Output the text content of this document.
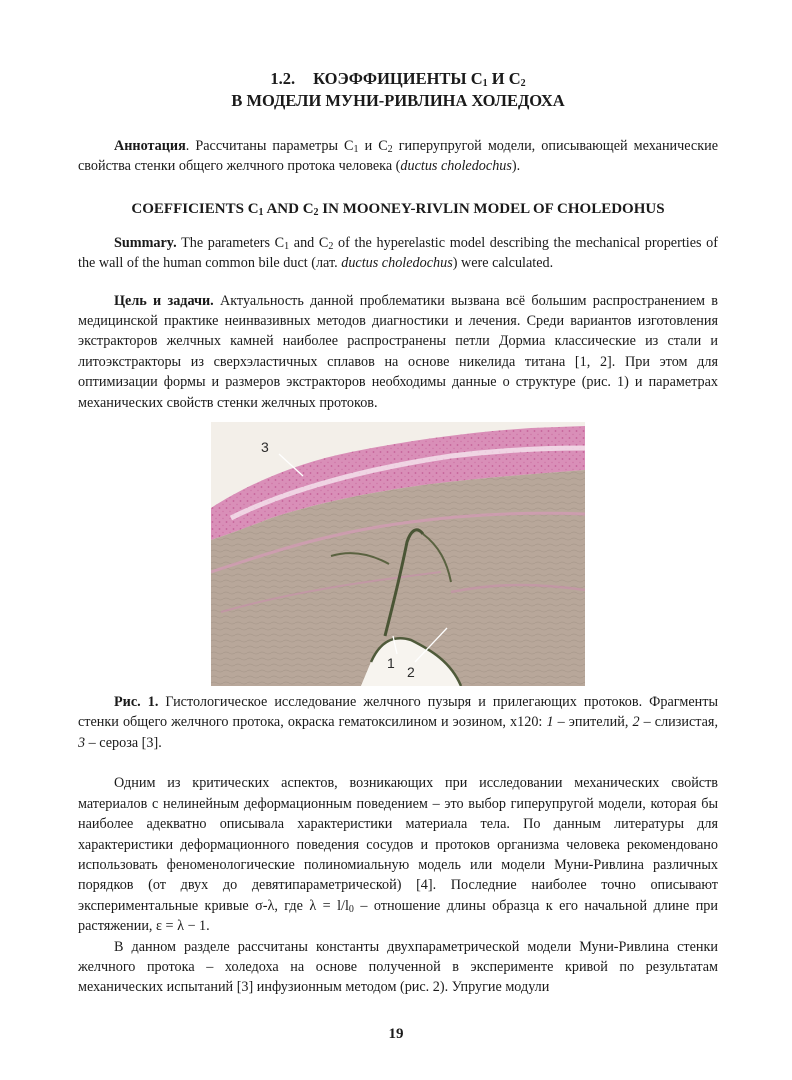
1.2. КОЭФФИЦИЕНТЫ $С_1$ И $С_2$
В МОДЕЛИ МУНИ-РИВЛИНА ХОЛЕДОХА

Аннотация. Рассчитаны параметры $С_1$ и $С_2$ гиперупругой модели, описывающей механические свойства стенки общего желчного протока человека (ductus choledochus).

COEFFICIENTS $C_1$ AND $C_2$ IN MOONEY-RIVLIN MODEL OF CHOLEDOHUS

Summary. The parameters $C_1$ and $C_2$ of the hyperelastic model describing the mechanical properties of the wall of the human common bile duct (лат. ductus choledochus) were calculated.

Цель и задачи. Актуальность данной проблематики вызвана всё большим распространением в медицинской практике неинвазивных методов диагностики и лечения. Среди вариантов изготовления экстракторов желчных камней наиболее распространены петли Дормиа классические из стали и литоэкстракторы из сверхэластичных сплавов на основе никелида титана [1, 2]. При этом для оптимизации формы и размеров экстракторов необходимы данные о структуре (рис. 1) и параметрах механических свойств стенки желчных протоков.

3
1
2

Рис. 1. Гистологическое исследование желчного пузыря и прилегающих протоков. Фрагменты стенки общего желчного протока, окраска гематоксилином и эозином, х120: 1 – эпителий, 2 – слизистая, 3 – сероза [3].

Одним из критических аспектов, возникающих при исследовании механических свойств материалов с нелинейным деформационным поведением – это выбор гиперупругой модели, которая бы наиболее адекватно описывала характеристики материала тела. По данным литературы для характеристики деформационного поведения сосудов и протоков организма человека рекомендовано использовать феноменологические полиномиальную модель или модели Муни-Ривлина различных порядков (от двух до девятипараметрической) [4]. Последние наиболее точно описывают экспериментальные кривые σ-λ, где $\lambda = l/l_0$ – отношение длины образца к его начальной длине при растяжении, ε = λ − 1.

В данном разделе рассчитаны константы двухпараметрической модели Муни-Ривлина стенки желчного протока – холедоха на основе полученной в эксперименте кривой по результатам механических испытаний [3] инфузионным методом (рис. 2). Упругие модули

19
